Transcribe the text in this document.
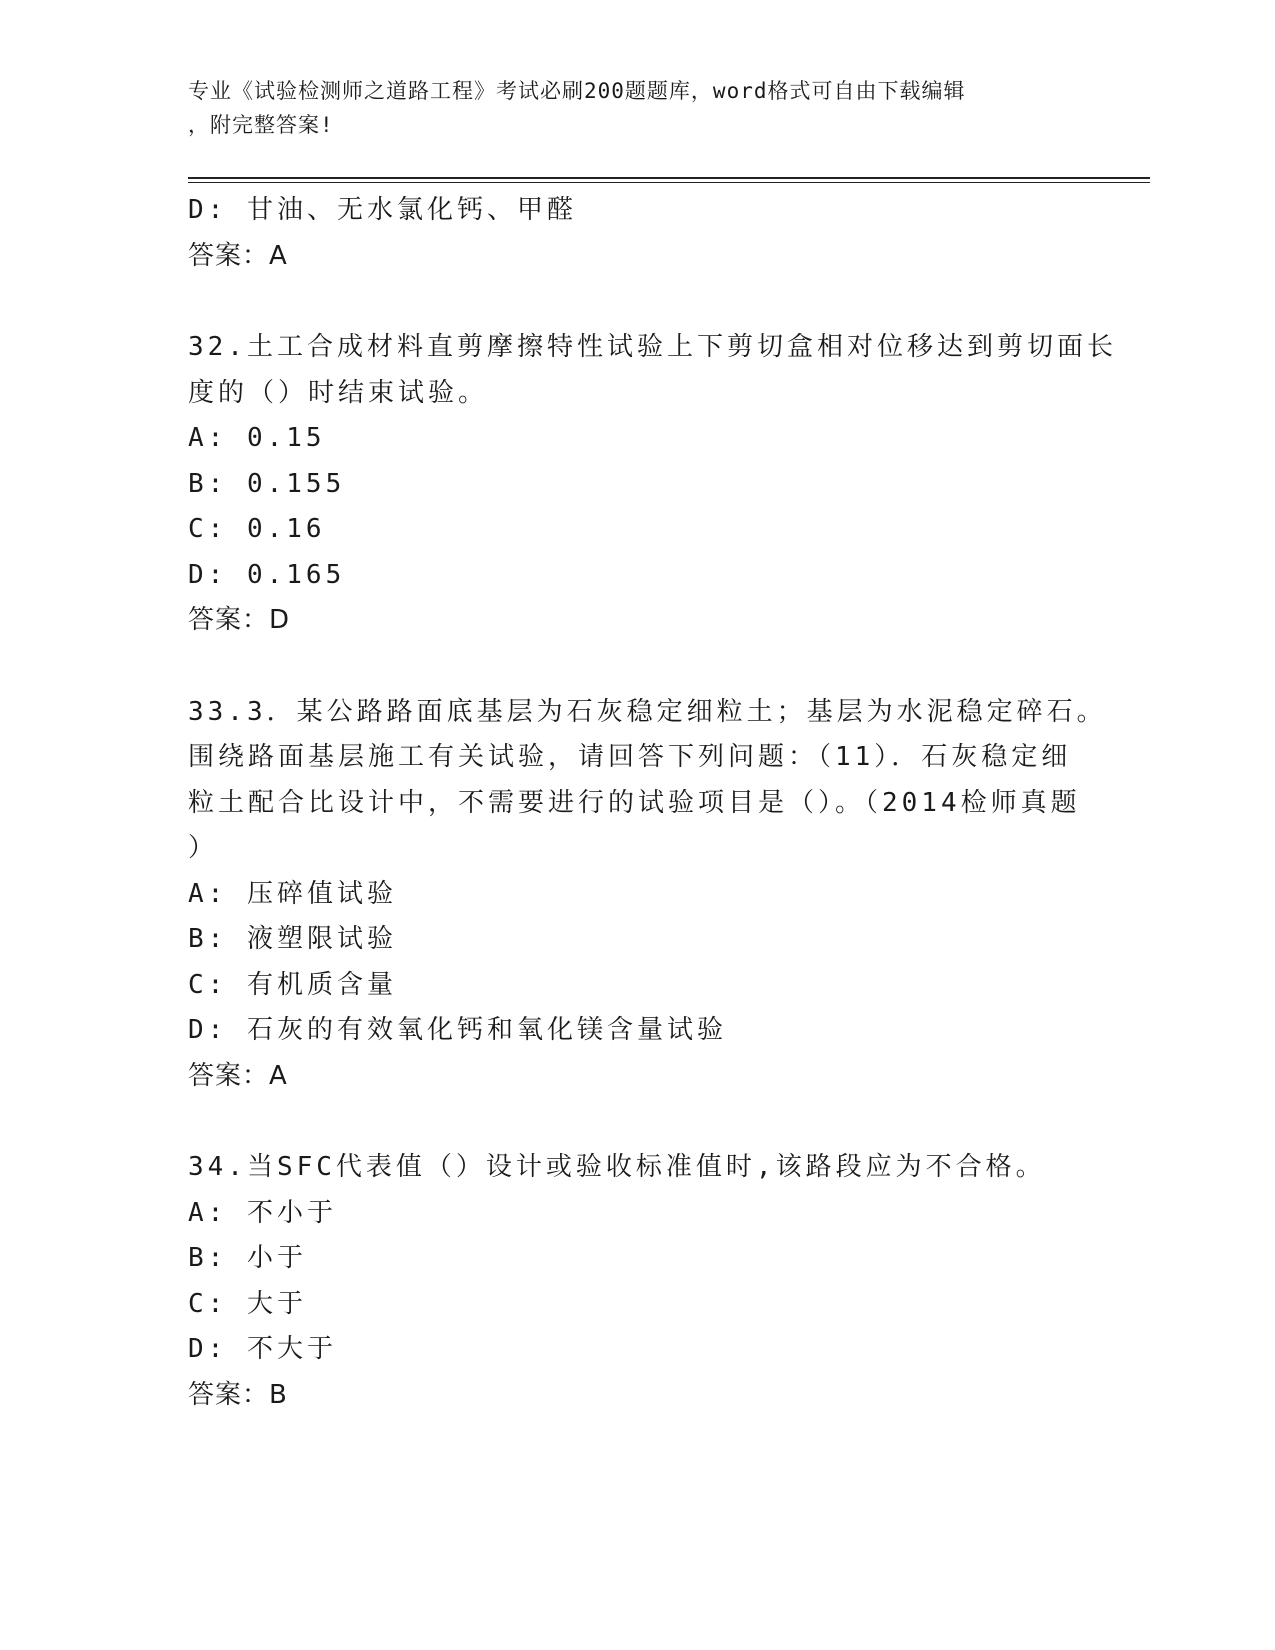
专业《试验检测师之道路工程》考试必刷200题题库，word格式可自由下载编辑
，附完整答案!
D: 甘油、无水氯化钙、甲醛
答案：A
32.土工合成材料直剪摩擦特性试验上下剪切盒相对位移达到剪切面长
度的（）时结束试验。
A: 0.15
B: 0.155
C: 0.16
D: 0.165
答案：D
33.3．某公路路面底基层为石灰稳定细粒土；基层为水泥稳定碎石。
围绕路面基层施工有关试验，请回答下列问题：（11）．石灰稳定细
粒土配合比设计中，不需要进行的试验项目是（）。（2014检师真题
）
A: 压碎值试验
B: 液塑限试验
C: 有机质含量
D: 石灰的有效氧化钙和氧化镁含量试验
答案：A
34.当SFC代表值（）设计或验收标准值时,该路段应为不合格。
A: 不小于
B: 小于
C: 大于
D: 不大于
答案：B
